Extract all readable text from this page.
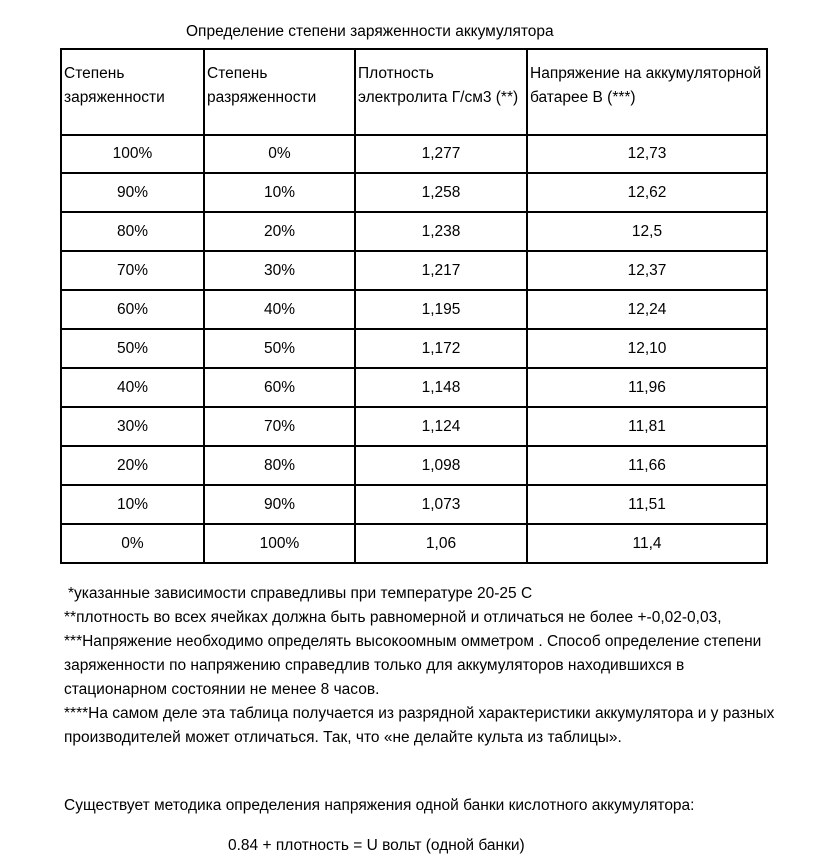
Определение степени заряженности аккумулятора
Степень заряженности	Степень разряженности	Плотность электролита Г/см3 (**)	Напряжение на аккумуляторной батарее В (***)
100%	0%	1,277	12,73
90%	10%	1,258	12,62
80%	20%	1,238	12,5
70%	30%	1,217	12,37
60%	40%	1,195	12,24
50%	50%	1,172	12,10
40%	60%	1,148	11,96
30%	70%	1,124	11,81
20%	80%	1,098	11,66
10%	90%	1,073	11,51
0%	100%	1,06	11,4

*указанные зависимости справедливы при температуре 20-25 С

**плотность во всех ячейках должна быть равномерной и отличаться не более +-0,02-0,03,

***Напряжение необходимо определять высокоомным омметром . Способ определение степени заряженности по напряжению справедлив только для аккумуляторов находившихся в стационарном состоянии не менее 8 часов.

****На самом деле эта таблица получается из разрядной характеристики аккумулятора и у разных производителей может отличаться. Так, что «не делайте культа из таблицы».

Существует методика определения напряжения одной банки кислотного аккумулятора:
0.84 + плотность = U вольт (одной банки)
